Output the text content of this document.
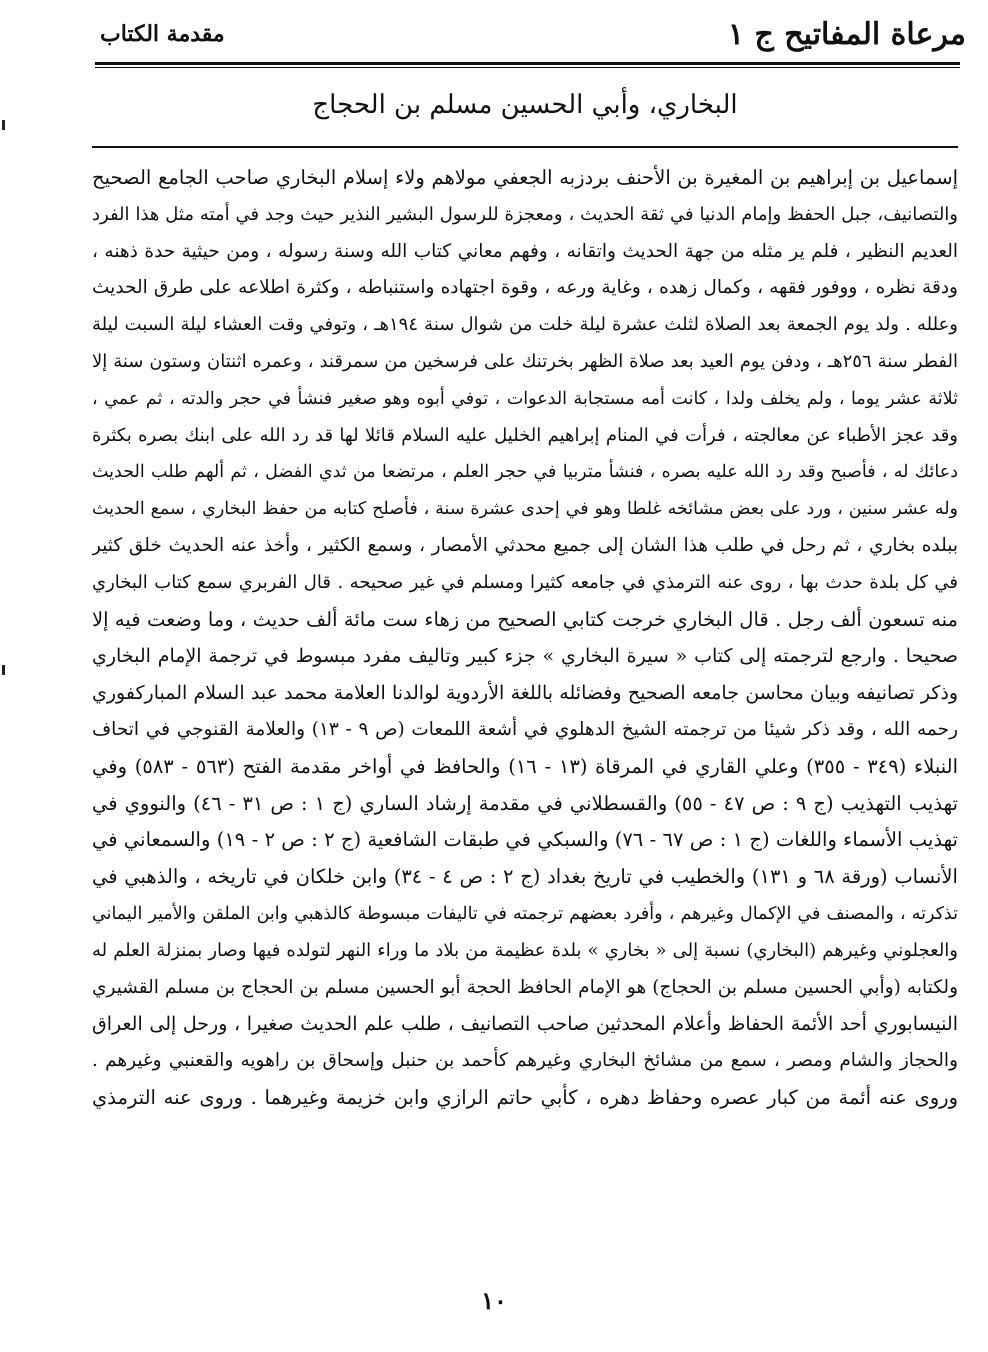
مرعاة المفاتيح ج ١
مقدمة الكتاب
البخاري، وأبي الحسين مسلم بن الحجاج
إسماعيل بن إبراهيم بن المغيرة بن الأحنف بردزبه الجعفي مولاهم ولاء إسلام البخاري صاحب الجامع الصحيح
والتصانيف، جبل الحفظ وإمام الدنيا في ثقة الحديث ، ومعجزة للرسول البشير النذير حيث وجد في أمته مثل هذا الفرد
العديم النظير ، فلم ير مثله من جهة الحديث واتقانه ، وفهم معاني كتاب الله وسنة رسوله ، ومن حيثية حدة ذهنه ،
ودقة نظره ، ووفور فقهه ، وكمال زهده ، وغاية ورعه ، وقوة اجتهاده واستنباطه ، وكثرة اطلاعه على طرق الحديث
وعلله . ولد يوم الجمعة بعد الصلاة لثلث عشرة ليلة خلت من شوال سنة ١٩٤هـ ، وتوفي وقت العشاء ليلة السبت ليلة
الفطر سنة ٢٥٦هـ ، ودفن يوم العيد بعد صلاة الظهر بخرتنك على فرسخين من سمرقند ، وعمره اثنتان وستون سنة إلا
ثلاثة عشر يوما ، ولم يخلف ولدا ، كانت أمه مستجابة الدعوات ، توفي أبوه وهو صغير فنشأ في حجر والدته ، ثم عمي ،
وقد عجز الأطباء عن معالجته ، فرأت في المنام إبراهيم الخليل عليه السلام قائلا لها قد رد الله على ابنك بصره بكثرة
دعائك له ، فأصبح وقد رد الله عليه بصره ، فنشأ متربيا في حجر العلم ، مرتضعا من ثدي الفضل ، ثم ألهم طلب الحديث
وله عشر سنين ، ورد على بعض مشائخه غلطا وهو في إحدى عشرة سنة ، فأصلح كتابه من حفظ البخاري ، سمع الحديث
ببلده بخاري ، ثم رحل في طلب هذا الشان إلى جميع محدثي الأمصار ، وسمع الكثير ، وأخذ عنه الحديث خلق كثير
في كل بلدة حدث بها ، روى عنه الترمذي في جامعه كثيرا ومسلم في غير صحيحه . قال الفربري سمع كتاب البخاري
منه تسعون ألف رجل . قال البخاري خرجت كتابي الصحيح من زهاء ست مائة ألف حديث ، وما وضعت فيه إلا
صحيحا . وارجع لترجمته إلى كتاب « سيرة البخاري » جزء كبير وتاليف مفرد مبسوط في ترجمة الإمام البخاري
وذكر تصانيفه وبيان محاسن جامعه الصحيح وفضائله باللغة الأردوية لوالدنا العلامة محمد عبد السلام المباركفوري
رحمه الله ، وقد ذكر شيئا من ترجمته الشيخ الدهلوي في أشعة اللمعات (ص ٩ - ١٣) والعلامة القنوجي في اتحاف
النبلاء (٣٤٩ - ٣٥٥) وعلي القاري في المرقاة (١٣ - ١٦) والحافظ في أواخر مقدمة الفتح (٥٦٣ - ٥٨٣) وفي
تهذيب التهذيب (ج ٩ : ص ٤٧ - ٥٥) والقسطلاني في مقدمة إرشاد الساري (ج ١ : ص ٣١ - ٤٦) والنووي في
تهذيب الأسماء واللغات (ج ١ : ص ٦٧ - ٧٦) والسبكي في طبقات الشافعية (ج ٢ : ص ٢ - ١٩) والسمعاني في
الأنساب (ورقة ٦٨ و ١٣١) والخطيب في تاريخ بغداد (ج ٢ : ص ٤ - ٣٤) وابن خلكان في تاريخه ، والذهبي في
تذكرته ، والمصنف في الإكمال وغيرهم ، وأفرد بعضهم ترجمته في تاليفات مبسوطة كالذهبي وابن الملقن والأمير اليماني
والعجلوني وغيرهم (البخاري) نسبة إلى « بخاري » بلدة عظيمة من بلاد ما وراء النهر لتولده فيها وصار بمنزلة العلم له
ولكتابه (وأبي الحسين مسلم بن الحجاج) هو الإمام الحافظ الحجة أبو الحسين مسلم بن الحجاج بن مسلم القشيري
النيسابوري أحد الأئمة الحفاظ وأعلام المحدثين صاحب التصانيف ، طلب علم الحديث صغيرا ، ورحل إلى العراق
والحجاز والشام ومصر ، سمع من مشائخ البخاري وغيرهم كأحمد بن حنبل وإسحاق بن راهويه والقعنبي وغيرهم .
وروى عنه أئمة من كبار عصره وحفاظ دهره ، كأبي حاتم الرازي وابن خزيمة وغيرهما . وروى عنه الترمذي
١٠
